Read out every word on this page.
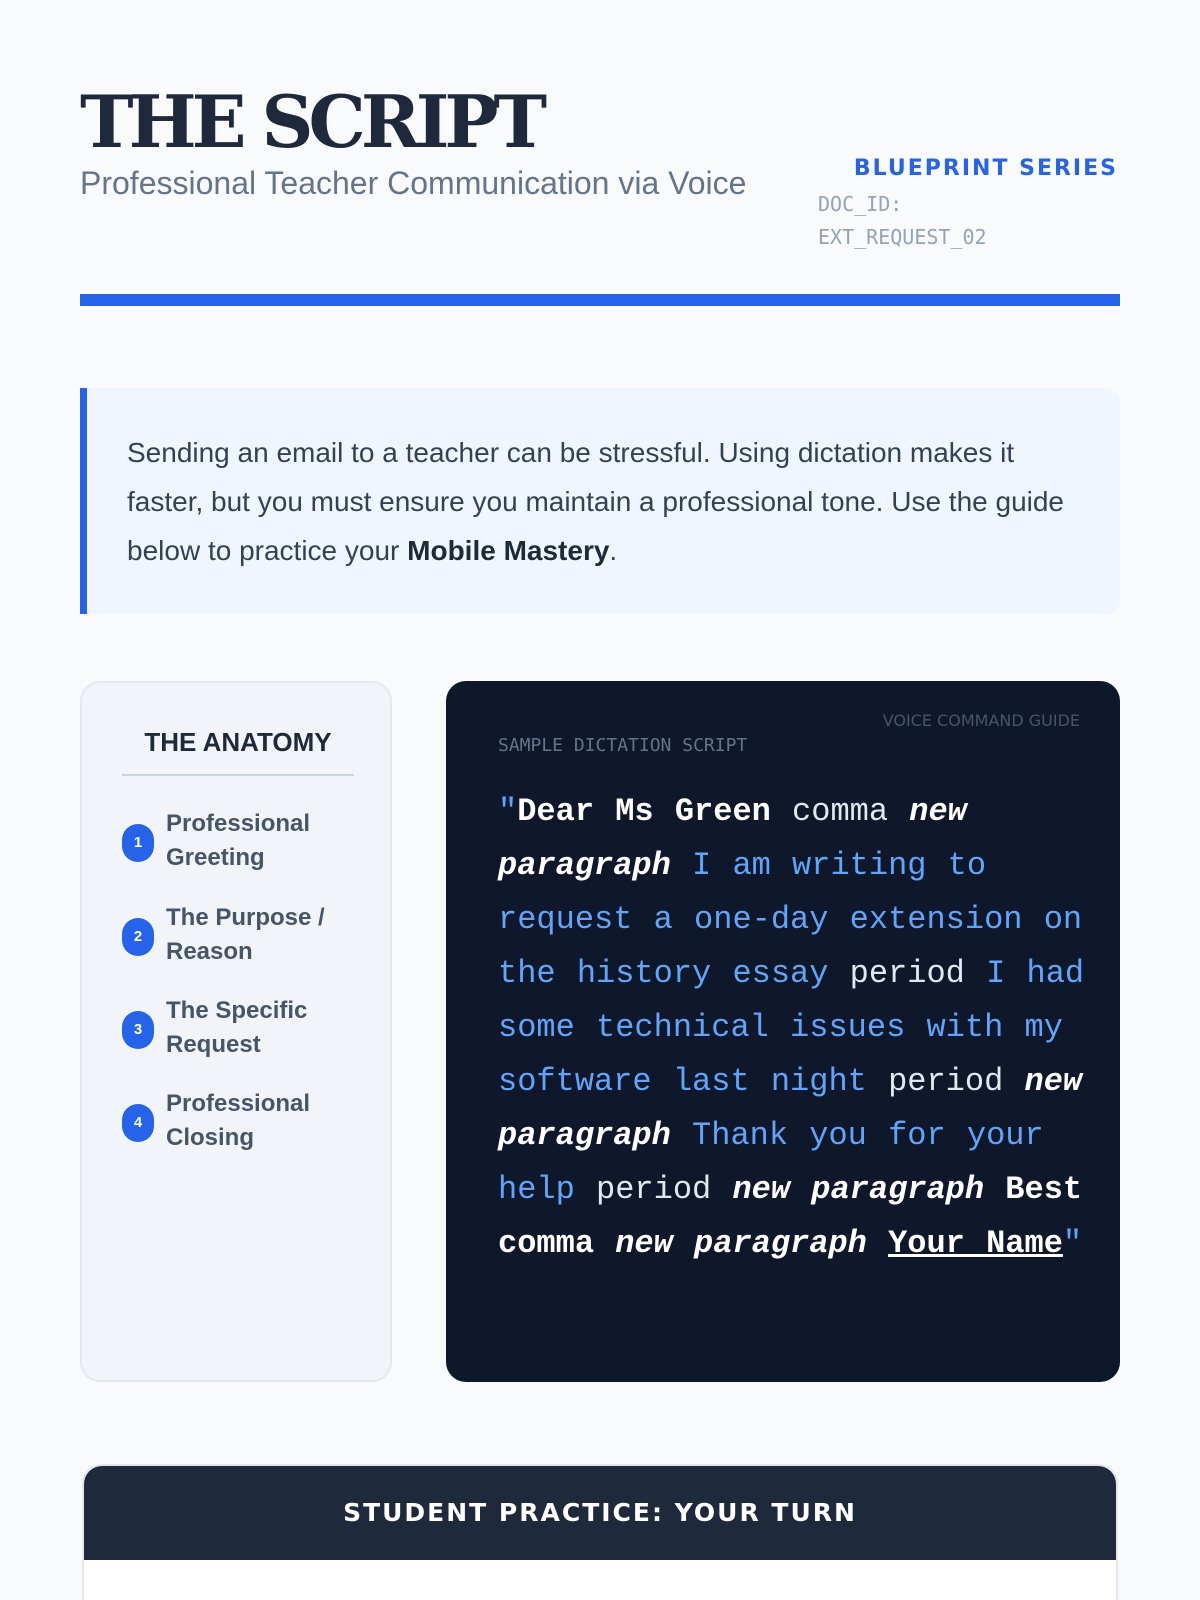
THE SCRIPT
Professional Teacher Communication via Voice	BLUEPRINT SERIES
DOC_ID:
EXT_REQUEST_02
Sending an email to a teacher can be stressful. Using dictation makes it faster, but you must ensure you maintain a professional tone. Use the guide below to practice your Mobile Mastery.
THE ANATOMY
1
Professional Greeting
2
The Purpose / Reason
3
The Specific Request
4
Professional Closing
VOICE COMMAND GUIDE
SAMPLE DICTATION SCRIPT
"Dear Ms Green comma new paragraph I am writing to request a one-day extension on the history essay period I had some technical issues with my software last night period new paragraph Thank you for your help period new paragraph Best comma new paragraph Your Name"
STUDENT PRACTICE: YOUR TURN
